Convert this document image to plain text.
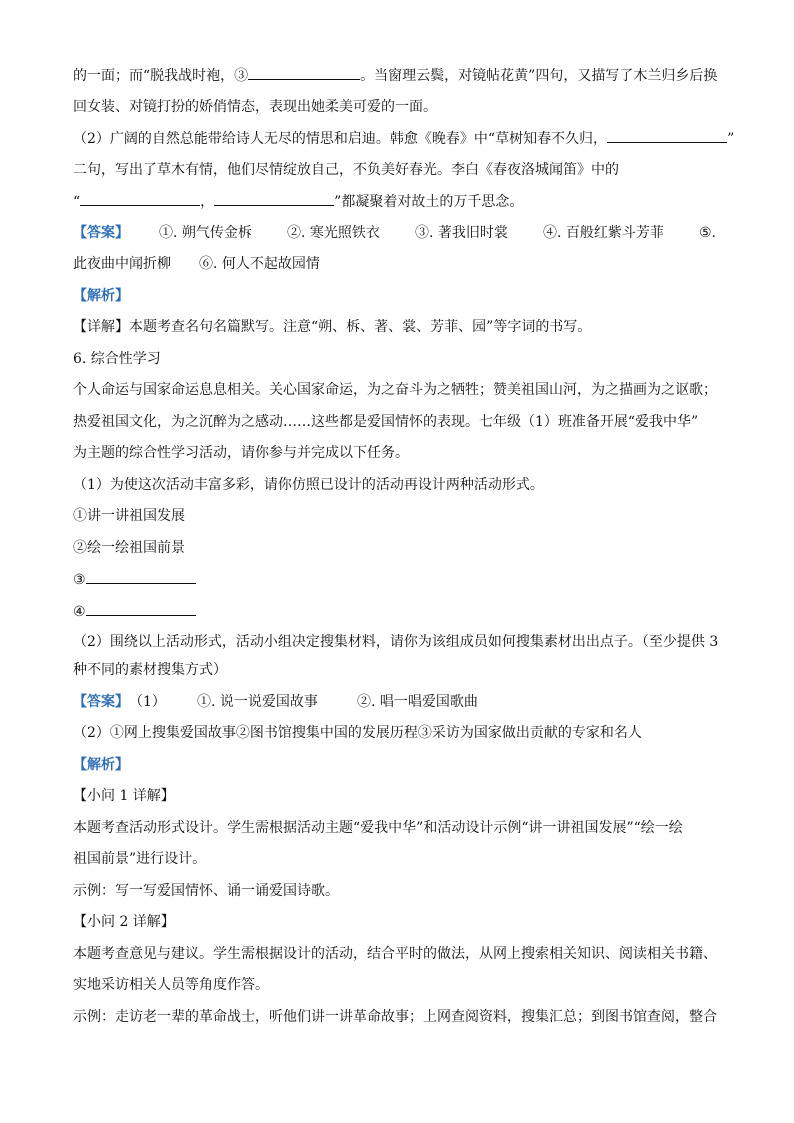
的一面；而“脱我战时袍，③	。当窗理云鬓，对镜帖花黄”四句，又描写了木兰归乡后换
回女装、对镜打扮的娇俏情态，表现出她柔美可爱的一面。
（2）广阔的自然总能带给诗人无尽的情思和启迪。韩愈《晚春》中“草树知春不久归，	”
二句，写出了草木有情，他们尽情绽放自己，不负美好春光。李白《春夜洛城闻笛》中的
“	，	”都凝聚着对故土的万千思念。
【答案】 ①. 朔气传金柝	②. 寒光照铁衣	③. 著我旧时裳	④. 百般红紫斗芳菲	⑤.
此夜曲中闻折柳 ⑥. 何人不起故园情
【解析】
【详解】本题考查名句名篇默写。注意“朔、柝、著、裳、芳菲、园”等字词的书写。
6. 综合性学习
个人命运与国家命运息息相关。关心国家命运，为之奋斗为之牺牲；赞美祖国山河，为之描画为之讴歌；
热爱祖国文化，为之沉醉为之感动……这些都是爱国情怀的表现。七年级（1）班准备开展“爱我中华”
为主题的综合性学习活动，请你参与并完成以下任务。
（1）为使这次活动丰富多彩，请你仿照已设计的活动再设计两种活动形式。
①讲一讲祖国发展
②绘一绘祖国前景
③
④
（2）围绕以上活动形式，活动小组决定搜集材料，请你为该组成员如何搜集素材出出点子。（至少提供 3
种不同的素材搜集方式）
【答案】（1） ①. 说一说爱国故事	②. 唱一唱爱国歌曲
（2）①网上搜集爱国故事②图书馆搜集中国的发展历程③采访为国家做出贡献的专家和名人
【解析】
【小问 1 详解】
本题考查活动形式设计。学生需根据活动主题“爱我中华”和活动设计示例“讲一讲祖国发展”“绘一绘
祖国前景”进行设计。
示例：写一写爱国情怀、诵一诵爱国诗歌。
【小问 2 详解】
本题考查意见与建议。学生需根据设计的活动，结合平时的做法，从网上搜索相关知识、阅读相关书籍、
实地采访相关人员等角度作答。
示例：走访老一辈的革命战士，听他们讲一讲革命故事；上网查阅资料，搜集汇总；到图书馆查阅，整合
